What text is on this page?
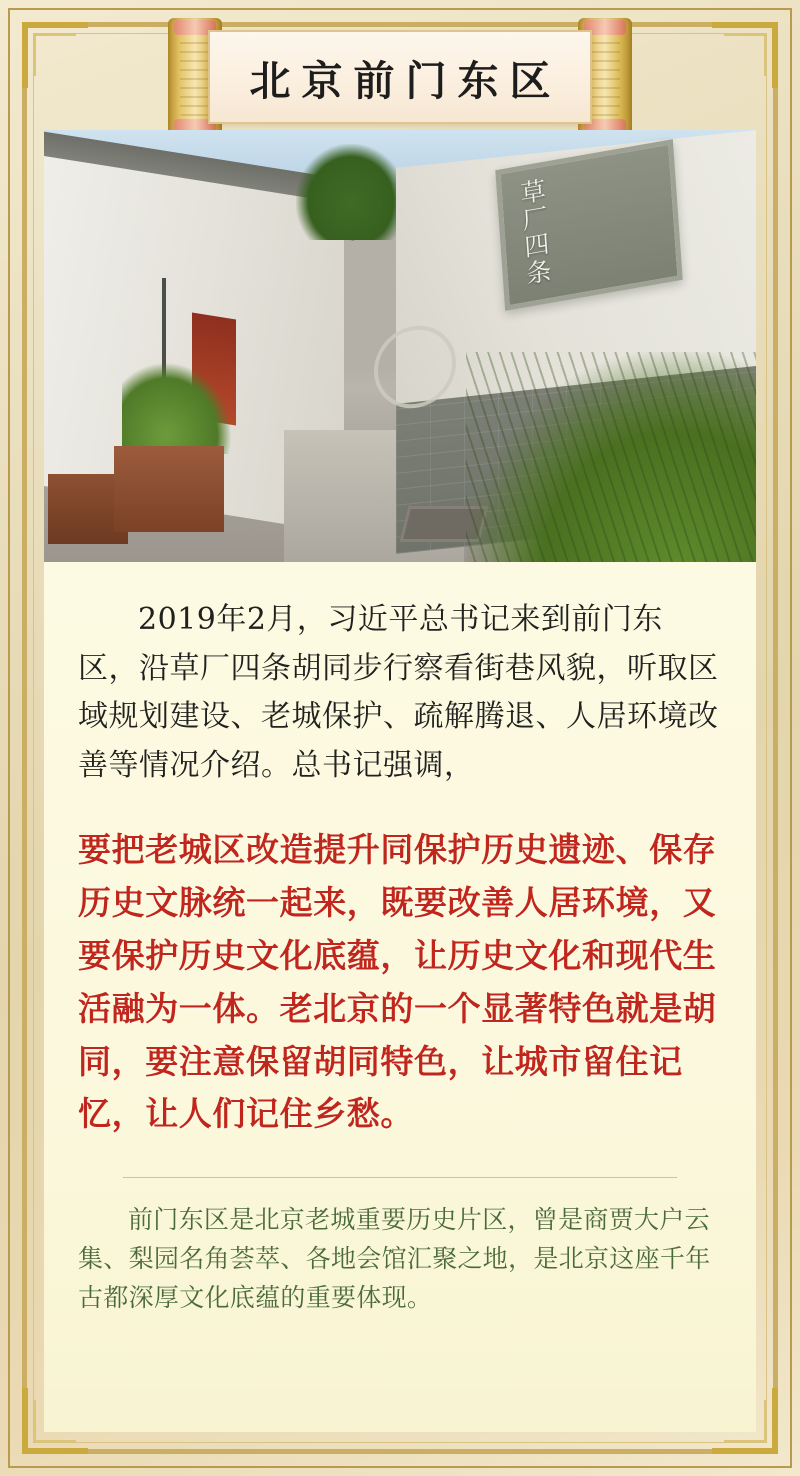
北京前门东区
草厂四条

2019年2月，习近平总书记来到前门东区，沿草厂四条胡同步行察看街巷风貌，听取区域规划建设、老城保护、疏解腾退、人居环境改善等情况介绍。总书记强调，

要把老城区改造提升同保护历史遗迹、保存历史文脉统一起来，既要改善人居环境，又要保护历史文化底蕴，让历史文化和现代生活融为一体。老北京的一个显著特色就是胡同，要注意保留胡同特色，让城市留住记忆，让人们记住乡愁。

前门东区是北京老城重要历史片区，曾是商贾大户云集、梨园名角荟萃、各地会馆汇聚之地，是北京这座千年古都深厚文化底蕴的重要体现。
